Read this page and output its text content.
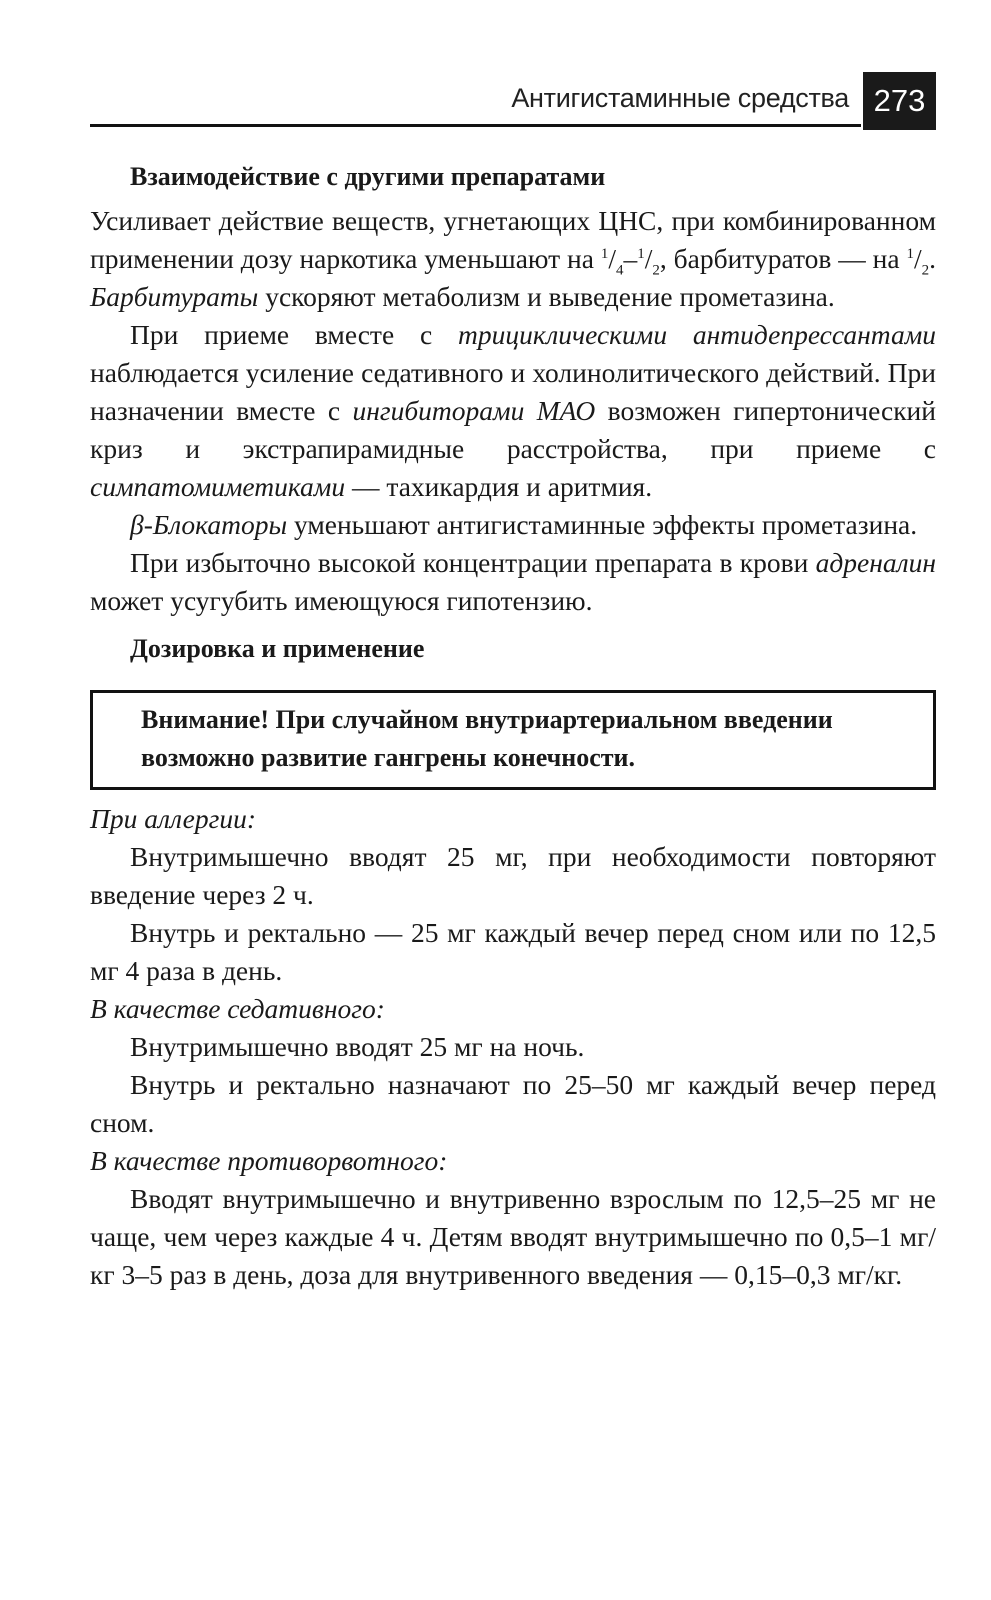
Антигистаминные средства 273
Взаимодействие с другими препаратами

Усиливает действие веществ, угнетающих ЦНС, при комбинированном применении дозу наркотика уменьшают на $^1/_4-^1/_2$, барбитуратов — на $^1/_2$. Барбитураты ускоряют метаболизм и выведение прометазина.

При приеме вместе с трициклическими антидепрессантами наблюдается усиление седативного и холинолитического действий. При назначении вместе с ингибиторами МАО возможен гипертонический криз и экстрапирамидные расстройства, при приеме с симпатомиметиками — тахикардия и аритмия.

β-Блокаторы уменьшают антигистаминные эффекты прометазина.

При избыточно высокой концентрации препарата в крови адреналин может усугубить имеющуюся гипотензию.

Дозировка и применение
Внимание! При случайном внутриартериальном введении возможно развитие гангрены конечности.
При аллергии:

Внутримышечно вводят 25 мг, при необходимости повторяют введение через 2 ч.

Внутрь и ректально — 25 мг каждый вечер перед сном или по 12,5 мг 4 раза в день.

В качестве седативного:

Внутримышечно вводят 25 мг на ночь.

Внутрь и ректально назначают по 25–50 мг каждый вечер перед сном.

В качестве противорвотного:

Вводят внутримышечно и внутривенно взрослым по 12,5–25 мг не чаще, чем через каждые 4 ч. Детям вводят внутримышечно по 0,5–1 мг/кг 3–5 раз в день, доза для внутривенного введения — 0,15–0,3 мг/кг.
